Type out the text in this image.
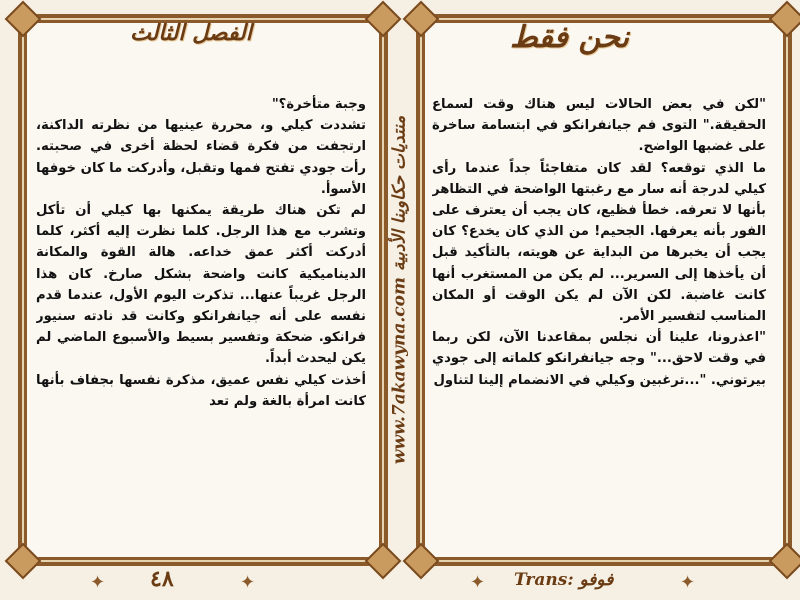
الفصل الثالث	نحن فقط

وجبة متأخرة؟"

تشددت كيلي و، محررة عينيها من نظرته الداكنة، ارتجفت من فكرة قضاء لحظة أخرى في صحبته. رأت جودي تفتح فمها وتقبل، وأدركت ما كان خوفها الأسوأ.

لم تكن هناك طريقة يمكنها بها كيلي أن تأكل وتشرب مع هذا الرجل. كلما نظرت إليه أكثر، كلما أدركت أكثر عمق خداعه. هالة القوة والمكانة الديناميكية كانت واضحة بشكل صارخ. كان هذا الرجل غريباً عنها... تذكرت اليوم الأول، عندما قدم نفسه على أنه جيانفرانكو وكانت قد نادته سنيور فرانكو. ضحكة وتفسير بسيط والأسبوع الماضي لم يكن ليحدث أبداً.

أخذت كيلي نفس عميق، مذكرة نفسها بجفاف بأنها كانت امرأة بالغة ولم تعد

"لكن في بعض الحالات ليس هناك وقت لسماع الحقيقة." التوى فم جيانفرانكو في ابتسامة ساخرة على غضبها الواضح.

ما الذي توقعه؟ لقد كان متفاجئاً جداً عندما رأى كيلي لدرجة أنه سار مع رغبتها الواضحة في التظاهر بأنها لا تعرفه. خطأ فظيع، كان يجب أن يعترف على الفور بأنه يعرفها. الجحيم! من الذي كان يخدع؟ كان يجب أن يخبرها من البداية عن هويته، بالتأكيد قبل أن يأخذها إلى السرير... لم يكن من المستغرب أنها كانت غاضبة. لكن الآن لم يكن الوقت أو المكان المناسب لتفسير الأمر.

"اعذرونا، علينا أن نجلس بمقاعدنا الآن، لكن ربما في وقت لاحق..." وجه جيانفرانكو كلماته إلى جودي بيرتوني. "...ترغبين وكيلي في الانضمام إلينا لتناول

www.7akawyna.com منتديات حكاوينا الأدبية
✦ ٤٨	✦	✦ Trans: فوفو	✦
